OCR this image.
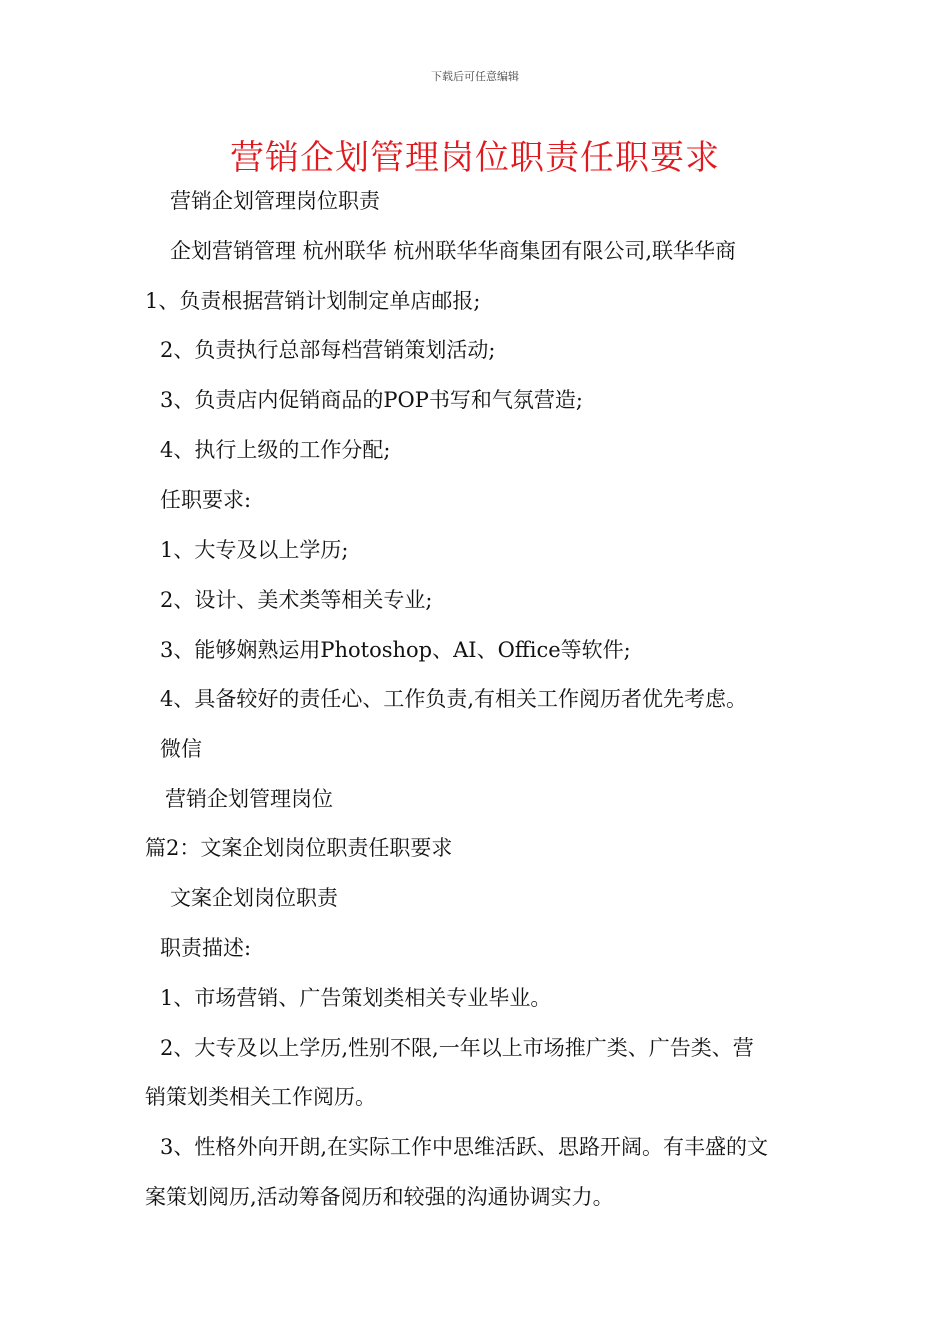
下载后可任意编辑
营销企划管理岗位职责任职要求
营销企划管理岗位职责
企划营销管理 杭州联华 杭州联华华商集团有限公司,联华华商
1、负责根据营销计划制定单店邮报;
2、负责执行总部每档营销策划活动;
3、负责店内促销商品的POP书写和气氛营造;
4、执行上级的工作分配;
任职要求:
1、大专及以上学历;
2、设计、美术类等相关专业;
3、能够娴熟运用Photoshop、AI、Office等软件;
4、具备较好的责任心、工作负责,有相关工作阅历者优先考虑。
微信
营销企划管理岗位
篇2：文案企划岗位职责任职要求
文案企划岗位职责
职责描述:
1、市场营销、广告策划类相关专业毕业。
2、大专及以上学历,性别不限,一年以上市场推广类、广告类、营
销策划类相关工作阅历。
3、性格外向开朗,在实际工作中思维活跃、思路开阔。有丰盛的文
案策划阅历,活动筹备阅历和较强的沟通协调实力。
